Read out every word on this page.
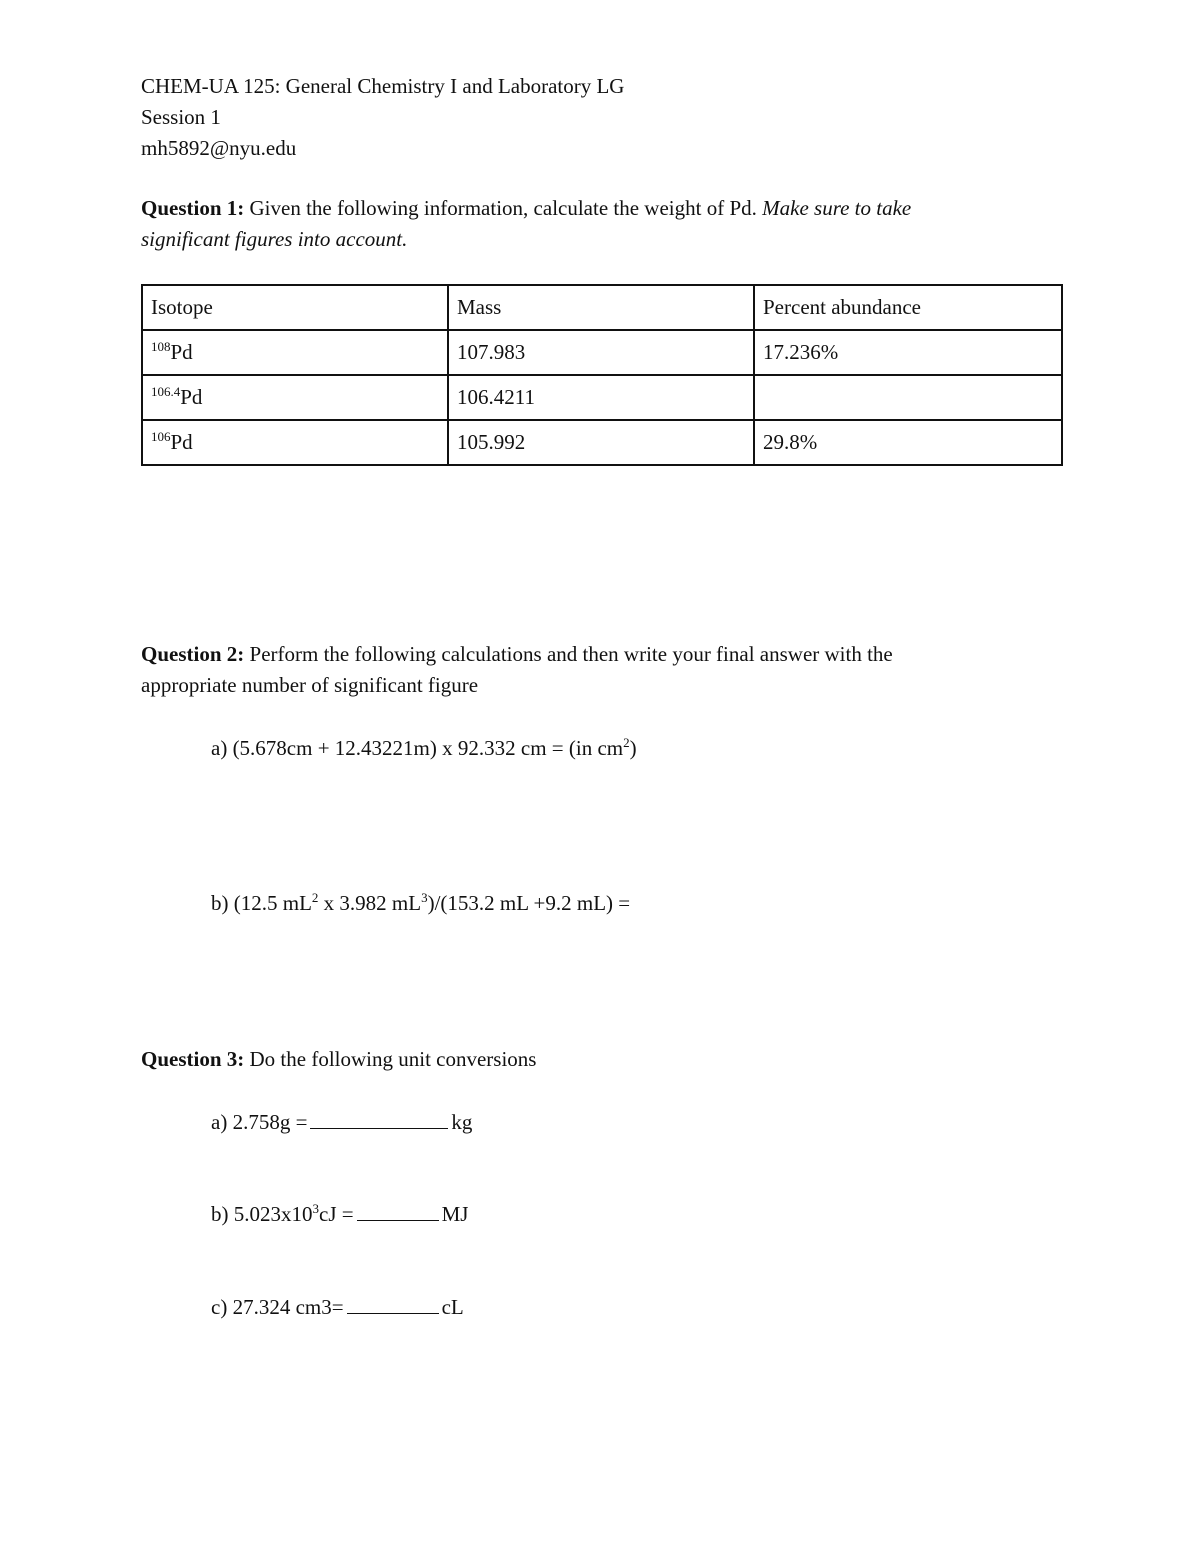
CHEM-UA 125: General Chemistry I and Laboratory LG
Session 1
mh5892@nyu.edu
Question 1: Given the following information, calculate the weight of Pd. Make sure to take
significant figures into account.
Isotope	Mass	Percent abundance
$^{108}$Pd	107.983	17.236%
$^{106.4}$Pd	106.4211	
$^{106}$Pd	105.992	29.8%
Question 2: Perform the following calculations and then write your final answer with the
appropriate number of significant figure
a) (5.678cm + 12.43221m) x 92.332 cm = (in $cm^2$)
b) (12.5 $mL^2$ x 3.982 $mL^3)/(153.2$ mL +9.2 mL) =
Question 3: Do the following unit conversions
a) 2.758g =	kg
b) $5.023x10^3cJ$ =	MJ
c) 27.324 cm3=	cL
